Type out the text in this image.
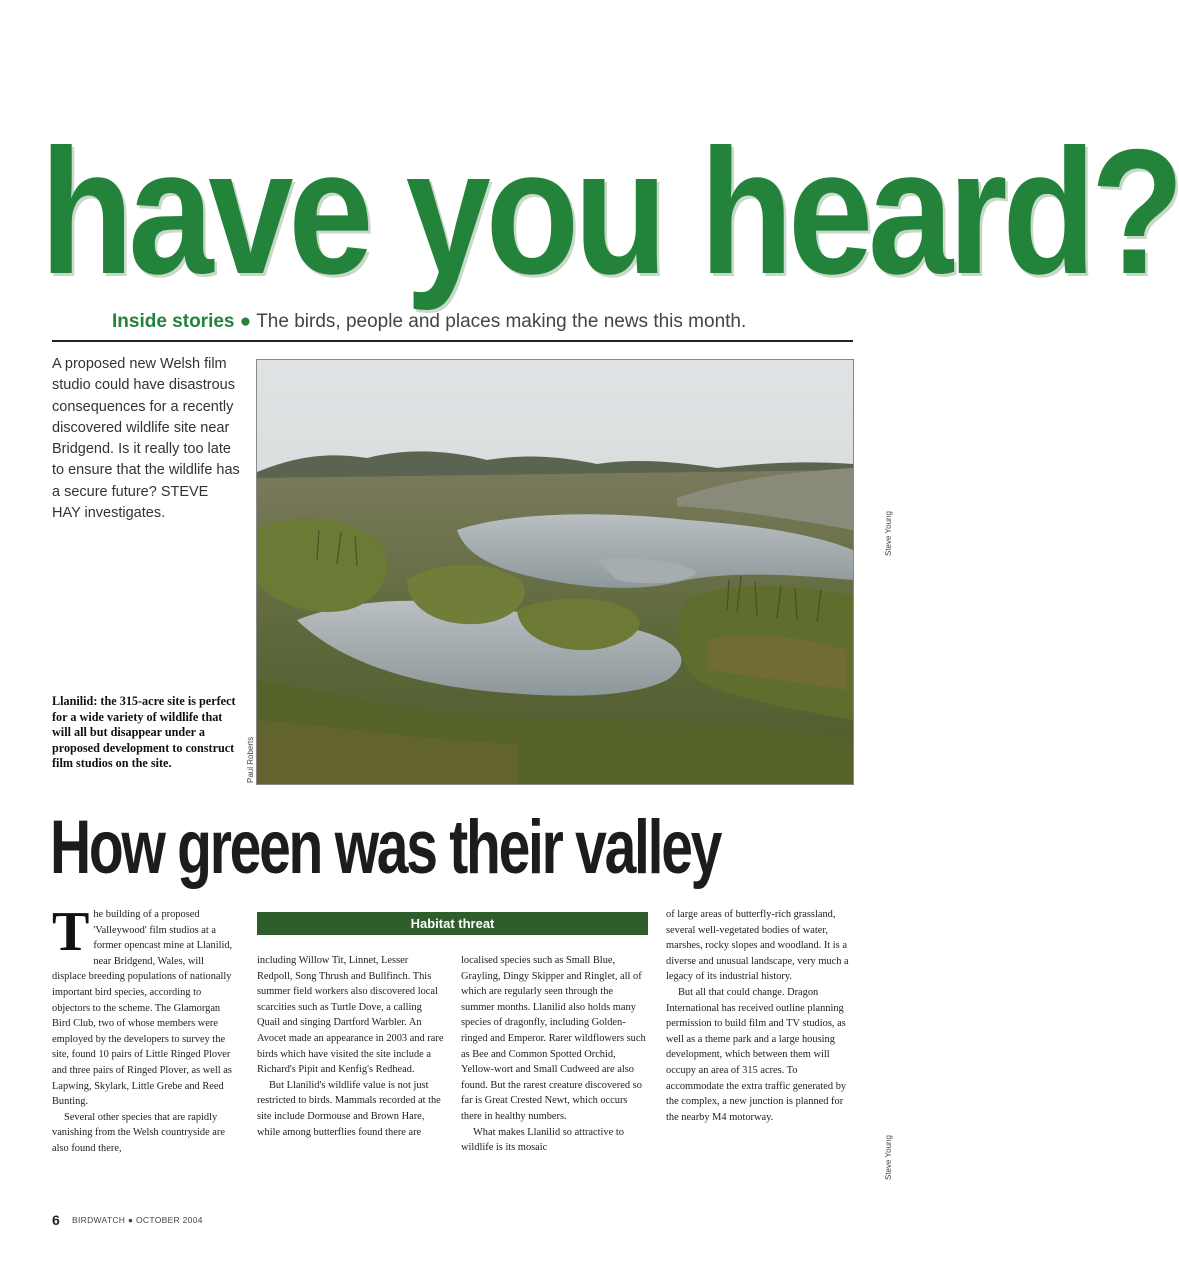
have you heard?
Inside stories ● The birds, people and places making the news this month.
A proposed new Welsh film studio could have disastrous consequences for a recently discovered wildlife site near Bridgend. Is it really too late to ensure that the wildlife has a secure future? STEVE HAY investigates.
Paul Roberts
Steve Young
Steve Young
Llanilid: the 315-acre site is perfect for a wide variety of wildlife that will all but disappear under a proposed development to construct film studios on the site.
How green was their valley

The building of a proposed 'Valleywood' film studios at a former opencast mine at Llanilid, near Bridgend, Wales, will displace breeding populations of nationally important bird species, according to objectors to the scheme. The Glamorgan Bird Club, two of whose members were employed by the developers to survey the site, found 10 pairs of Little Ringed Plover and three pairs of Ringed Plover, as well as Lapwing, Skylark, Little Grebe and Reed Bunting.

Several other species that are rapidly vanishing from the Welsh countryside are also found there,

Habitat threat

including Willow Tit, Linnet, Lesser Redpoll, Song Thrush and Bullfinch. This summer field workers also discovered local scarcities such as Turtle Dove, a calling Quail and singing Dartford Warbler. An Avocet made an appearance in 2003 and rare birds which have visited the site include a Richard's Pipit and Kenfig's Redhead.

But Llanilid's wildlife value is not just restricted to birds. Mammals recorded at the site include Dormouse and Brown Hare, while among butterflies found there are

localised species such as Small Blue, Grayling, Dingy Skipper and Ringlet, all of which are regularly seen through the summer months. Llanilid also holds many species of dragonfly, including Golden-ringed and Emperor. Rarer wildflowers such as Bee and Common Spotted Orchid, Yellow-wort and Small Cudweed are also found. But the rarest creature discovered so far is Great Crested Newt, which occurs there in healthy numbers.

What makes Llanilid so attractive to wildlife is its mosaic

of large areas of butterfly-rich grassland, several well-vegetated bodies of water, marshes, rocky slopes and woodland. It is a diverse and unusual landscape, very much a legacy of its industrial history.

But all that could change. Dragon International has received outline planning permission to build film and TV studios, as well as a theme park and a large housing development, which between them will occupy an area of 315 acres. To accommodate the extra traffic generated by the complex, a new junction is planned for the nearby M4 motorway.

6 BIRDWATCH ● OCTOBER 2004
